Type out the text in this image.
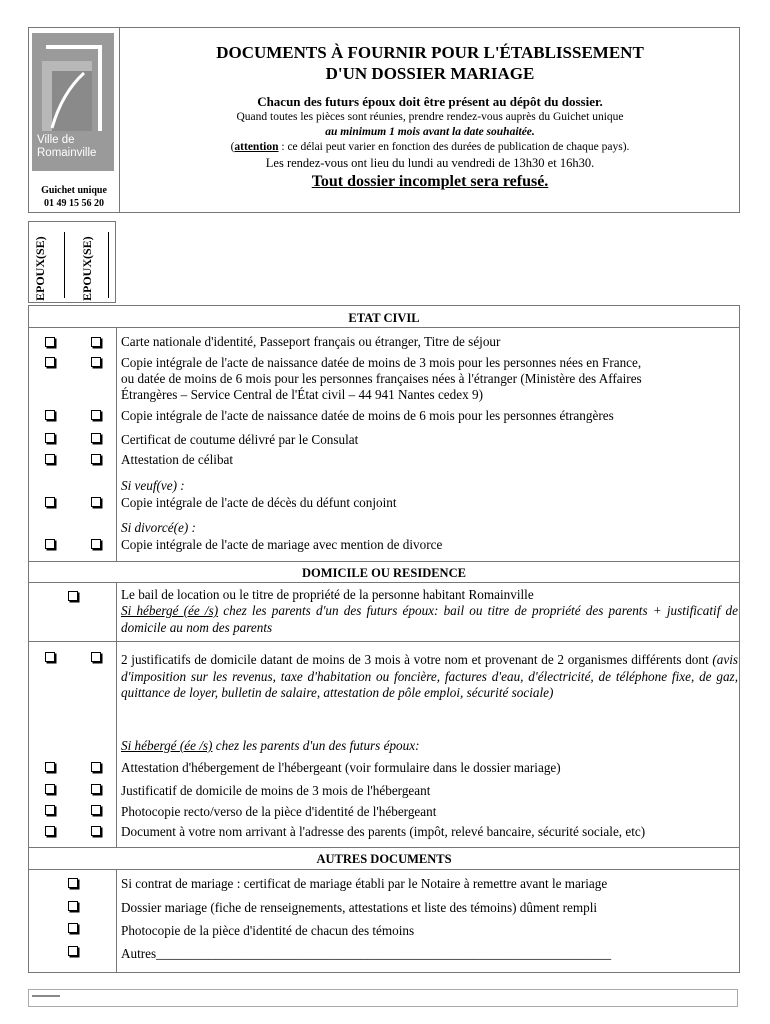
Ville de
Romainville
Guichet unique
01 49 15 56 20
DOCUMENTS À FOURNIR POUR L'ÉTABLISSEMENT
D'UN DOSSIER MARIAGE
Chacun des futurs époux doit être présent au dépôt du dossier.
Quand toutes les pièces sont réunies, prendre rendez-vous auprès du Guichet unique
au minimum 1 mois avant la date souhaitée.
(attention : ce délai peut varier en fonction des durées de publication de chaque pays).
Les rendez-vous ont lieu du lundi au vendredi de 13h30 et 16h30.
Tout dossier incomplet sera refusé.
EPOUX(SE)	EPOUX(SE)
ETAT CIVIL
DOMICILE OU RESIDENCE
AUTRES DOCUMENTS
Carte nationale d'identité, Passeport français ou étranger, Titre de séjour
Copie intégrale de l'acte de naissance datée de moins de 3 mois pour les personnes nées en France,
ou datée de moins de 6 mois pour les personnes françaises nées à l'étranger (Ministère des Affaires
Étrangères – Service Central de l'État civil – 44 941 Nantes cedex 9)
Copie intégrale de l'acte de naissance datée de moins de 6 mois pour les personnes étrangères
Certificat de coutume délivré par le Consulat
Attestation de célibat
Si veuf(ve) :
Copie intégrale de l'acte de décès du défunt conjoint
Si divorcé(e) :
Copie intégrale de l'acte de mariage avec mention de divorce
Le bail de location ou le titre de propriété de la personne habitant Romainville
Si hébergé (ée /s) chez les parents d'un des futurs époux: bail ou titre de propriété des parents + justificatif de domicile au nom des parents
2 justificatifs de domicile datant de moins de 3 mois à votre nom et provenant de 2 organismes différents dont (avis d'imposition sur les revenus, taxe d'habitation ou foncière, factures d'eau, d'électricité, de téléphone fixe, de gaz, quittance de loyer, bulletin de salaire, attestation de pôle emploi, sécurité sociale)
Si hébergé (ée /s) chez les parents d'un des futurs époux:
Attestation d'hébergement de l'hébergeant (voir formulaire dans le dossier mariage)
Justificatif de domicile de moins de 3 mois de l'hébergeant
Photocopie recto/verso de la pièce d'identité de l'hébergeant
Document à votre nom arrivant à l'adresse des parents (impôt, relevé bancaire, sécurité sociale, etc)
Si contrat de mariage : certificat de mariage établi par le Notaire à remettre avant le mariage
Dossier mariage (fiche de renseignements, attestations et liste des témoins) dûment rempli
Photocopie de la pièce d'identité de chacun des témoins
Autres_____________________________________________________________________
